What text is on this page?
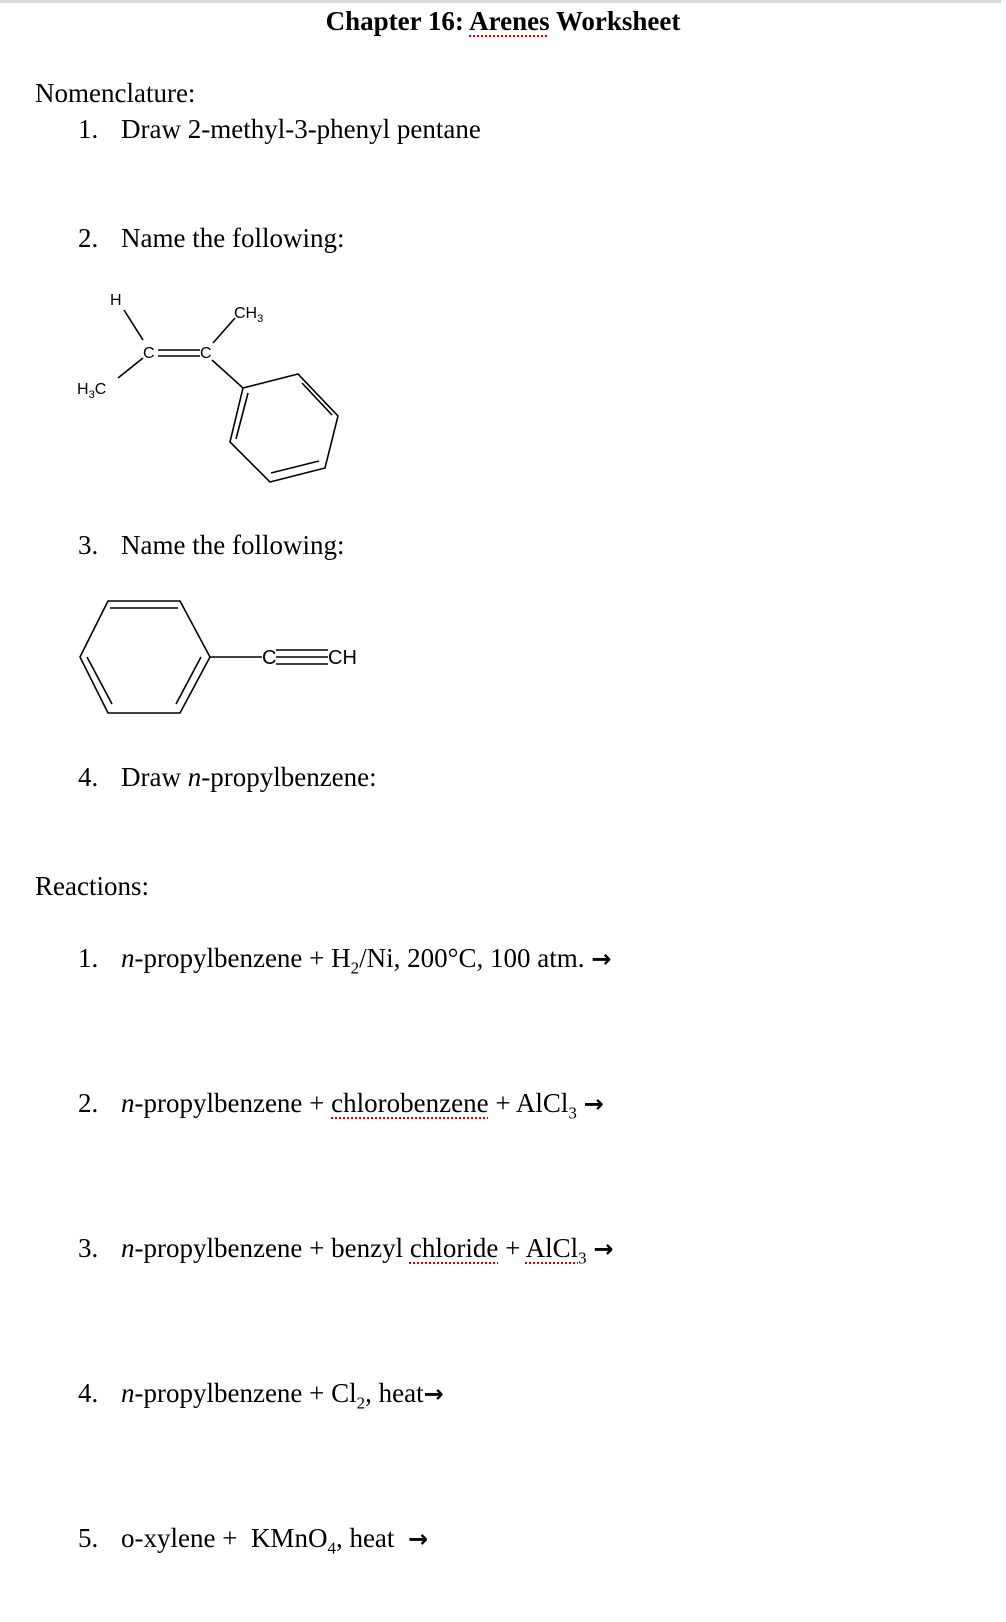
Chapter 16: Arenes Worksheet
Nomenclature:
1. Draw 2-methyl-3-phenyl pentane
2. Name the following:
H
$CH_3$
C	C
$H_3C$
3. Name the following:
C	CH
4. Draw n-propylbenzene:
Reactions:
1. n-propylbenzene + $H_2/Ni$, 200°C, 100 atm. →
2. n-propylbenzene + chlorobenzene + AlCl$_3$ →
3. n-propylbenzene + benzyl chloride + AlCl$_3$ →
4. n-propylbenzene + $Cl_2$, heat→
5. o-xylene +  KMnO$_4$, heat  →
